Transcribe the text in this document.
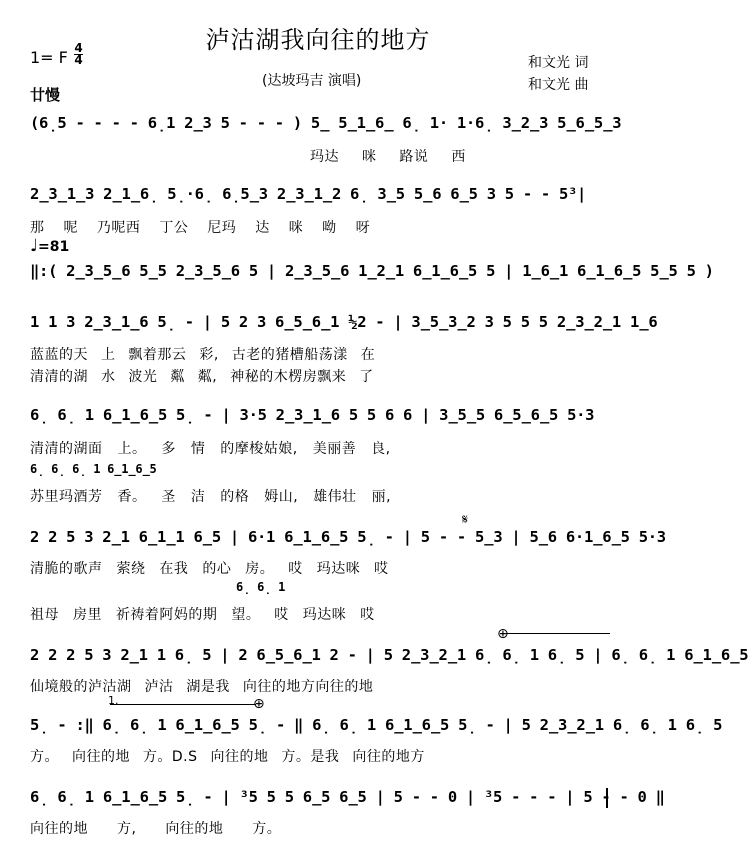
泸沽湖我向往的地方
1= F 4
4
(达坡玛吉 演唱)
和文光 词
和文光 曲
廿慢
♩=81
(6̣5 - - - - 6̣1 2̲3 5 - - - ) 5̲ 5̲1̲6̲ 6̣ 1· 1·6̣ 3̲2̲3 5̲6̲5̲3
玛达 咪 路说 西
2̲3̲1̲3 2̲1̲6̣ 5̣·6̣ 6̣5̲3 2̲3̲1̲2 6̣ 3̲5 5̲6 6̲5 3 5 - - 5³|
那 呢 乃呢西 丁公 尼玛 达 咪 呦 呀
‖:( 2̲3̲5̲6 5̲5 2̲3̲5̲6 5 | 2̲3̲5̲6 1̲2̲1 6̲1̲6̲5 5 | 1̲6̲1 6̲1̲6̲5 5̲5 5 )
1 1 3 2̲3̲1̲6 5̣ - | 5 2 3 6̲5̲6̲1 ½2 - | 3̲5̲3̲2 3 5 5 5 2̲3̲2̲1 1̲6
蓝蓝的天 上 飘着那云 彩, 古老的猪槽船荡漾 在
清清的湖 水 波光 粼 粼, 神秘的木楞房飘来 了
6̣ 6̣ 1 6̲1̲6̲5 5̣ - | 3·5 2̲3̲1̲6 5 5 6 6 | 3̲5̲5 6̲5̲6̲5 5·3
清清的湖面 上。 多 情 的摩梭姑娘, 美丽善 良,
6̣ 6̣ 6̣ 1 6̲1̲6̲5
苏里玛酒芳 香。 圣 洁 的格 姆山, 雄伟壮 丽,
2 2 5 3 2̲1 6̲1̲1 6̲5 | 6·1 6̲1̲6̲5 5̣ - | 5 - - 5̲3 | 5̲6 6·1̲6̲5 5·3
清脆的歌声 萦绕 在我 的心 房。 哎 玛达咪 哎
6̣ 6̣ 1
祖母 房里 祈祷着阿妈的期 望。 哎 玛达咪 哎
𝄋
⊕
2 2 2 5 3 2̲1 1 6̣ 5 | 2 6̲5̲6̲1 2 - | 5 2̲3̲2̲1 6̣ 6̣ 1 6̣ 5 | 6̣ 6̣ 1 6̲1̲6̲5
仙境般的泸沽湖 泸沽 湖是我 向往的地方向往的地
1.	⊕
5̣ - :‖ 6̣ 6̣ 1 6̲1̲6̲5 5̣ - ‖ 6̣ 6̣ 1 6̲1̲6̲5 5̣ - | 5 2̲3̲2̲1 6̣ 6̣ 1 6̣ 5
方。 向往的地 方。D.S 向往的地 方。是我 向往的地方
6̣ 6̣ 1 6̲1̲6̲5 5̣ - | ³5 5 5 6̲5 6̲5 | 5 - - 0 | ³5 - - - | 5 - - 0 ‖
向往的地 方, 向往的地 方。
